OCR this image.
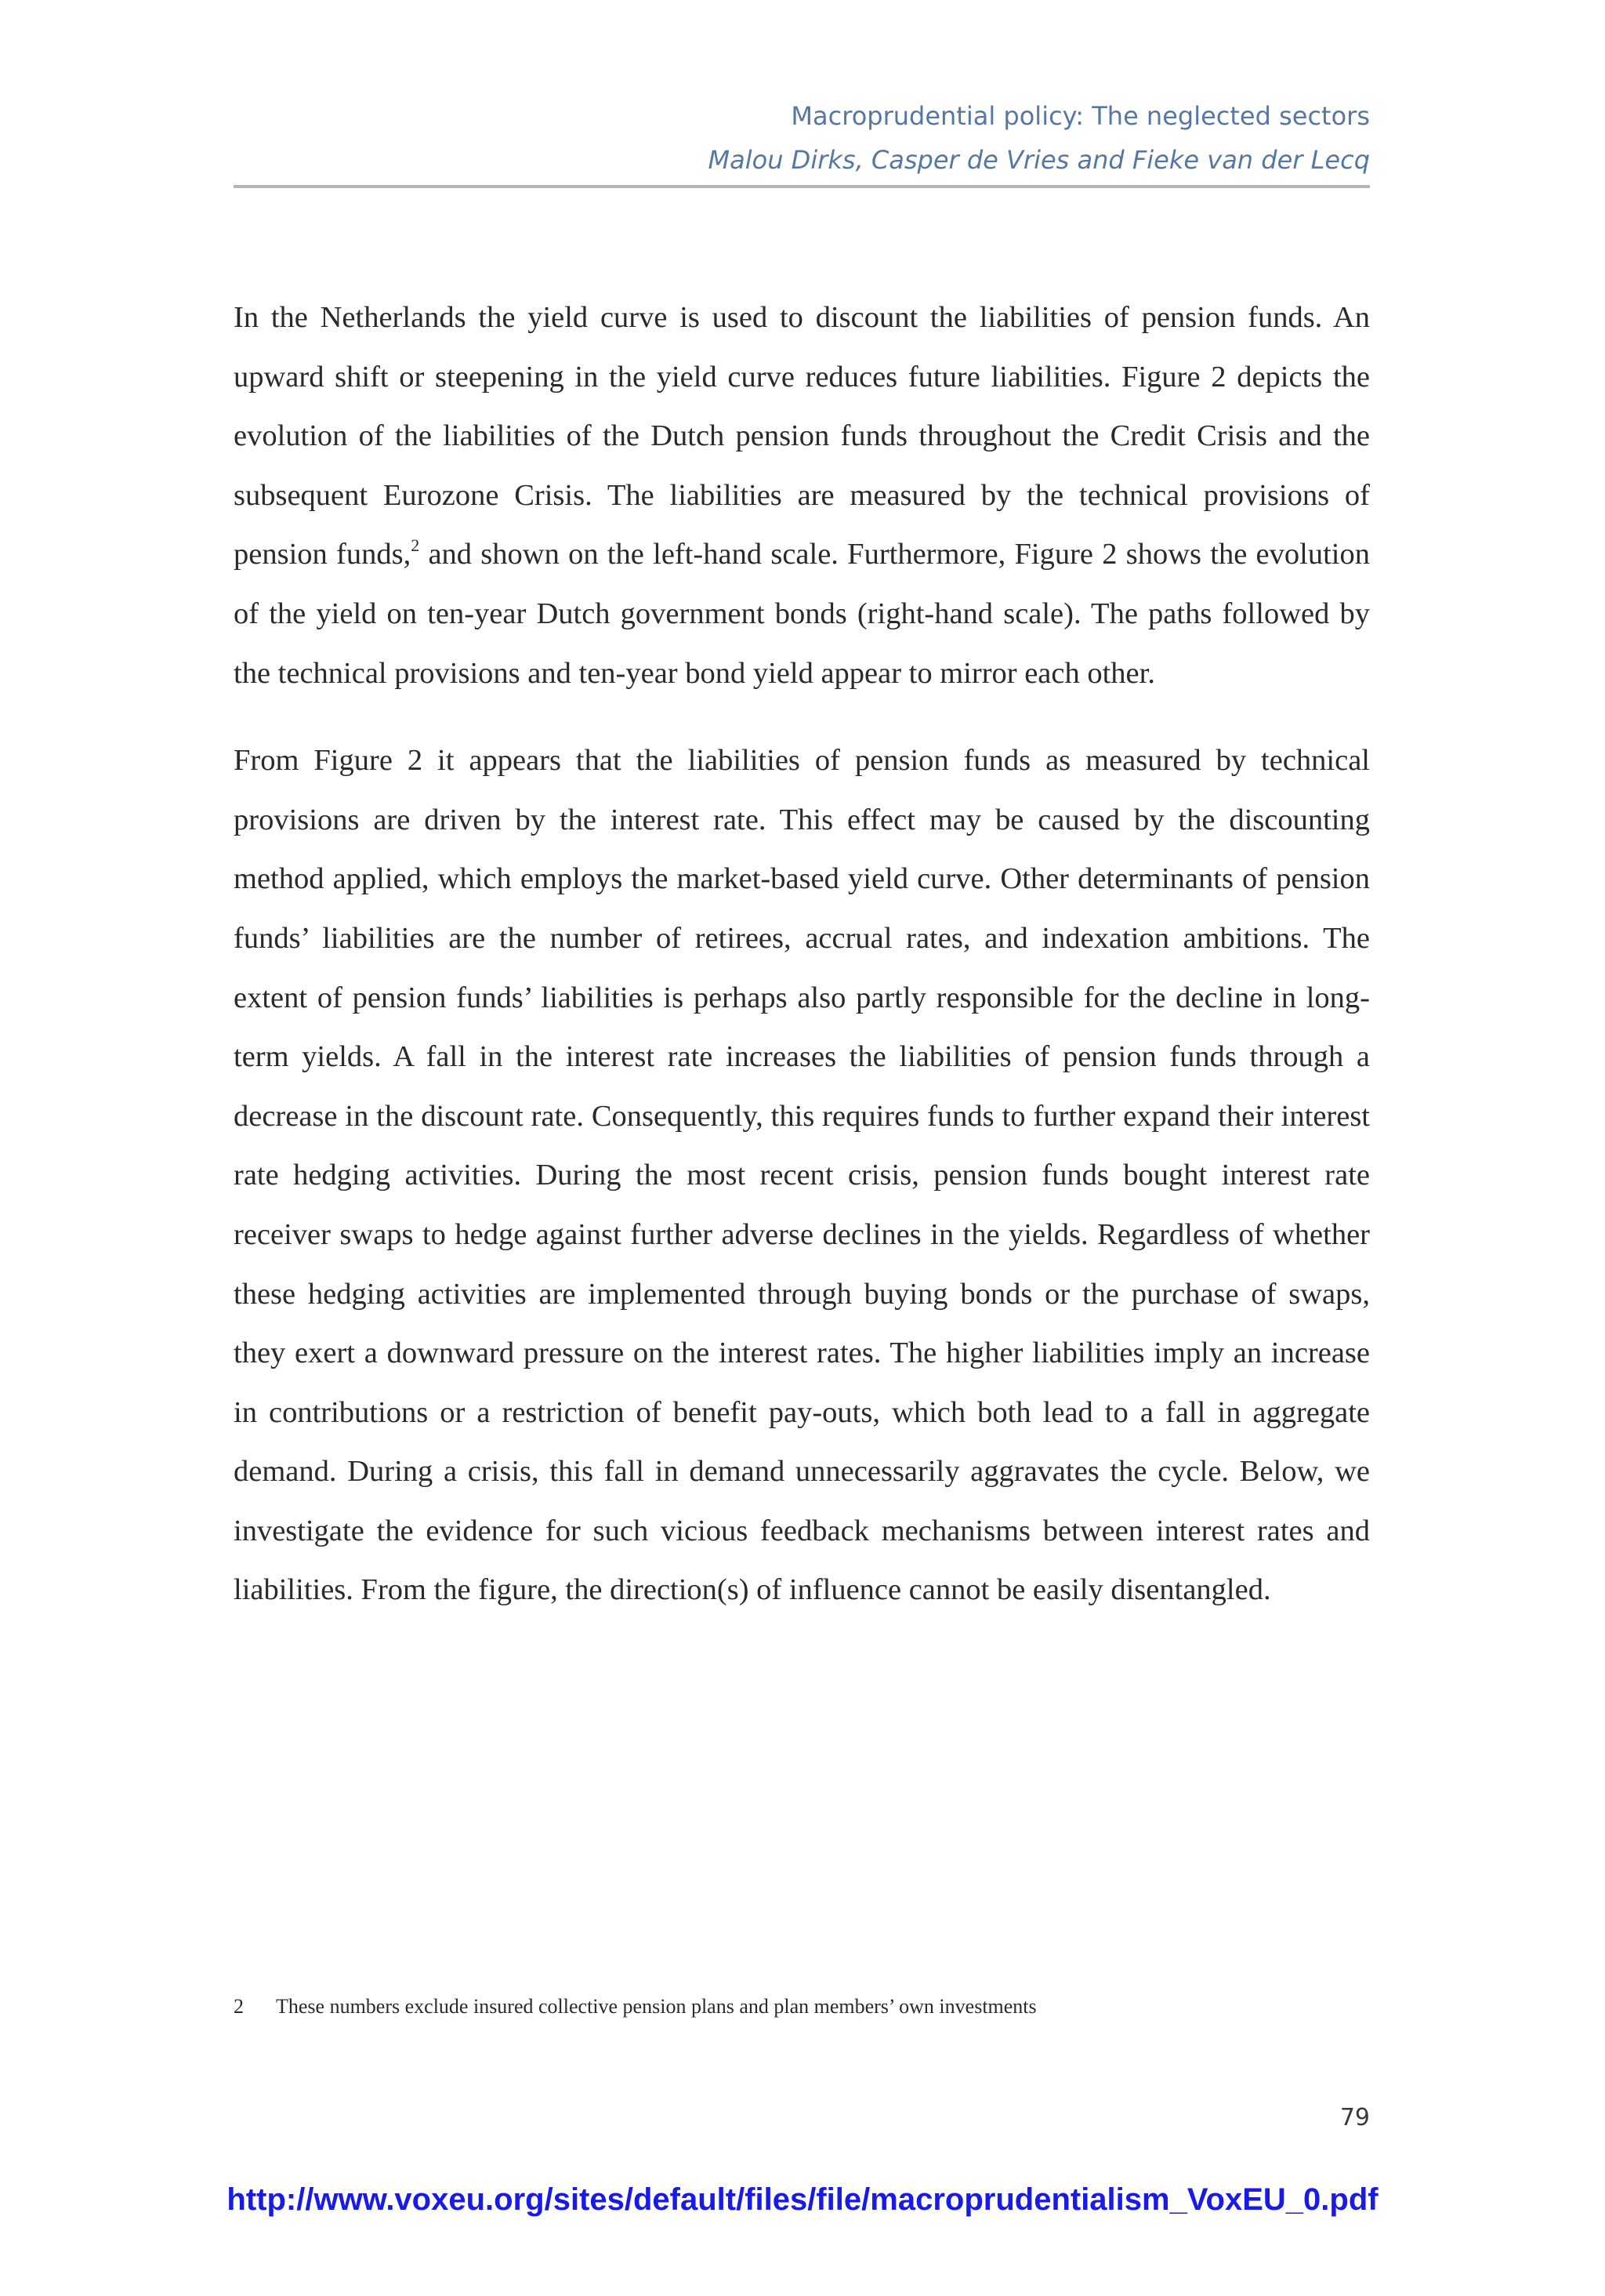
Macroprudential policy: The neglected sectors
Malou Dirks, Casper de Vries and Fieke van der Lecq

In the Netherlands the yield curve is used to discount the liabilities of pension funds. An upward shift or steepening in the yield curve reduces future liabilities. Figure 2 depicts the evolution of the liabilities of the Dutch pension funds throughout the Credit Crisis and the subsequent Eurozone Crisis. The liabilities are measured by the technical provisions of pension funds,$^2$ and shown on the left-hand scale. Furthermore, Figure 2 shows the evolution of the yield on ten-year Dutch government bonds (right-hand scale). The paths followed by the technical provisions and ten-year bond yield appear to mirror each other.

From Figure 2 it appears that the liabilities of pension funds as measured by technical provisions are driven by the interest rate. This effect may be caused by the discounting method applied, which employs the market-based yield curve. Other determinants of pension funds’ liabilities are the number of retirees, accrual rates, and indexation ambitions. The extent of pension funds’ liabilities is perhaps also partly responsible for the decline in long-term yields. A fall in the interest rate increases the liabilities of pension funds through a decrease in the discount rate. Consequently, this requires funds to further expand their interest rate hedging activities. During the most recent crisis, pension funds bought interest rate receiver swaps to hedge against further adverse declines in the yields. Regardless of whether these hedging activities are implemented through buying bonds or the purchase of swaps, they exert a downward pressure on the interest rates. The higher liabilities imply an increase in contributions or a restriction of benefit pay-outs, which both lead to a fall in aggregate demand. During a crisis, this fall in demand unnecessarily aggravates the cycle. Below, we investigate the evidence for such vicious feedback mechanisms between interest rates and liabilities. From the figure, the direction(s) of influence cannot be easily disentangled.

2 These numbers exclude insured collective pension plans and plan members’ own investments
79
http://www.voxeu.org/sites/default/files/file/macroprudentialism_VoxEU_0.pdf
